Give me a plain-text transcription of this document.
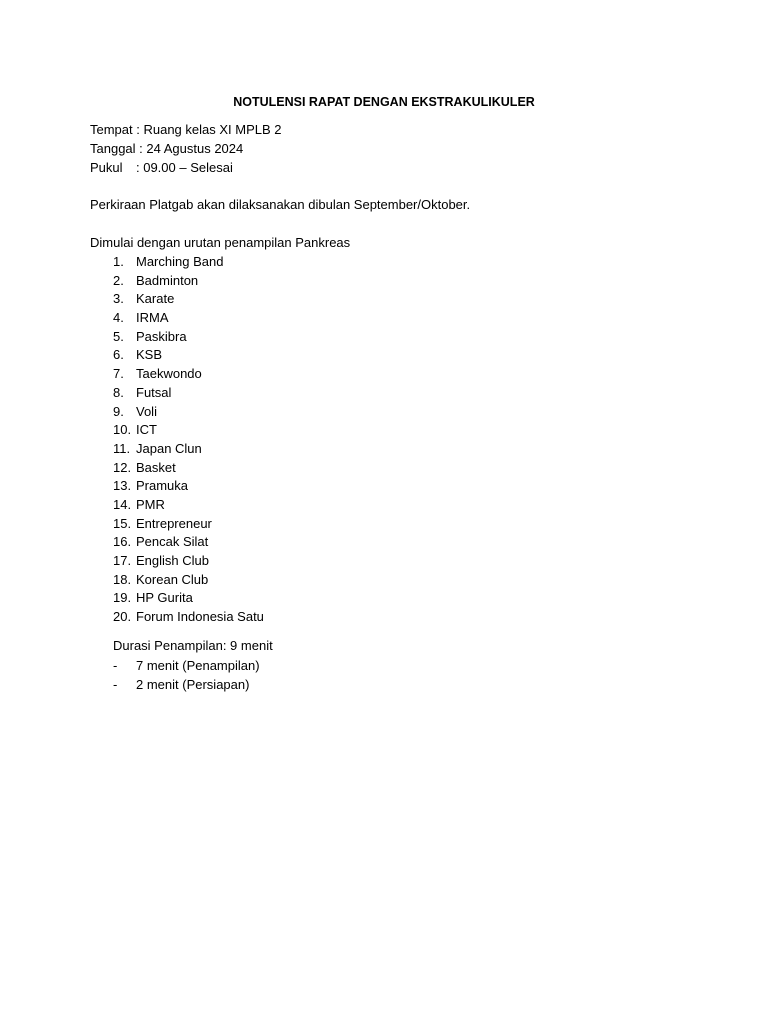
NOTULENSI RAPAT DENGAN EKSTRAKULIKULER
Tempat : Ruang kelas XI MPLB 2
Tanggal : 24 Agustus 2024
Pukul : 09.00 – Selesai
Perkiraan Platgab akan dilaksanakan dibulan September/Oktober.
Dimulai dengan urutan penampilan Pankreas
1. Marching Band
2. Badminton
3. Karate
4. IRMA
5. Paskibra
6. KSB
7. Taekwondo
8. Futsal
9. Voli
10. ICT
11. Japan Clun
12. Basket
13. Pramuka
14. PMR
15. Entrepreneur
16. Pencak Silat
17. English Club
18. Korean Club
19. HP Gurita
20. Forum Indonesia Satu
Durasi Penampilan: 9 menit
- 7 menit (Penampilan)
- 2 menit (Persiapan)
